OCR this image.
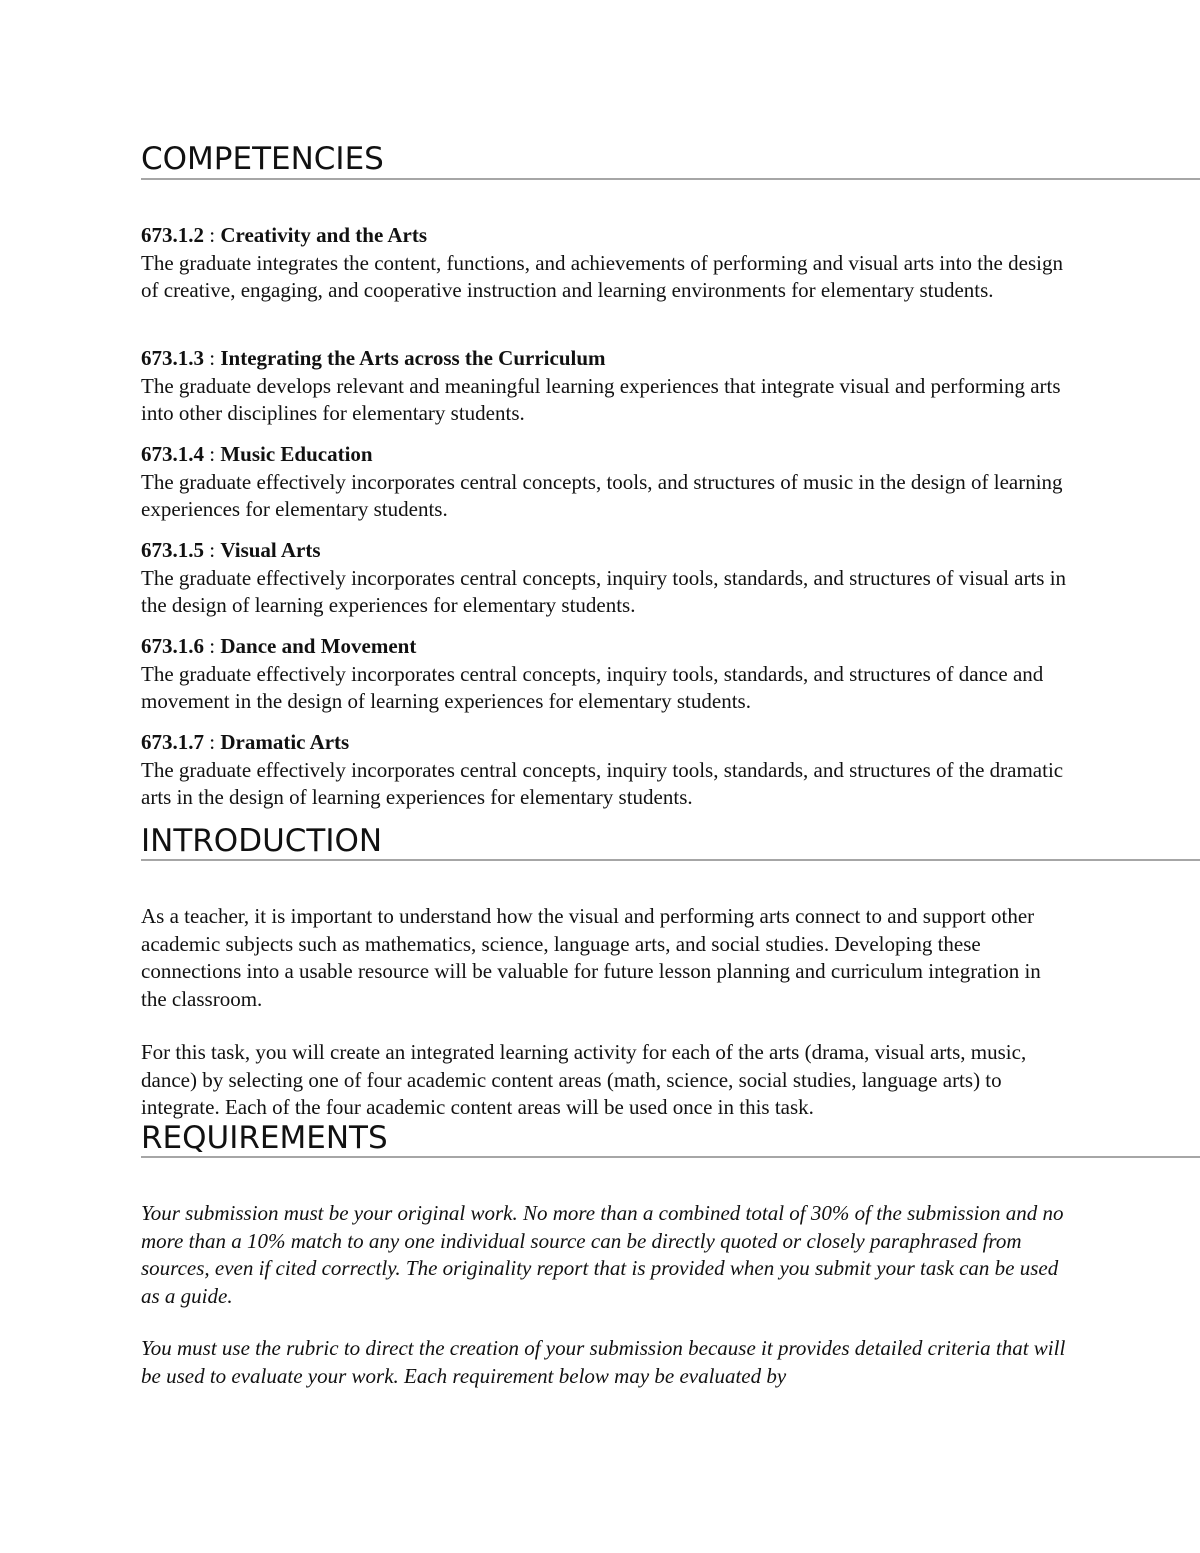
COMPETENCIES
673.1.2 : Creativity and the Arts
The graduate integrates the content, functions, and achievements of performing and visual arts into the design of creative, engaging, and cooperative instruction and learning environments for elementary students.
673.1.3 : Integrating the Arts across the Curriculum
The graduate develops relevant and meaningful learning experiences that integrate visual and performing arts into other disciplines for elementary students.
673.1.4 : Music Education
The graduate effectively incorporates central concepts, tools, and structures of music in the design of learning experiences for elementary students.
673.1.5 : Visual Arts
The graduate effectively incorporates central concepts, inquiry tools, standards, and structures of visual arts in the design of learning experiences for elementary students.
673.1.6 : Dance and Movement
The graduate effectively incorporates central concepts, inquiry tools, standards, and structures of dance and movement in the design of learning experiences for elementary students.
673.1.7 : Dramatic Arts
The graduate effectively incorporates central concepts, inquiry tools, standards, and structures of the dramatic arts in the design of learning experiences for elementary students.
INTRODUCTION

As a teacher, it is important to understand how the visual and performing arts connect to and support other academic subjects such as mathematics, science, language arts, and social studies. Developing these connections into a usable resource will be valuable for future lesson planning and curriculum integration in the classroom.

For this task, you will create an integrated learning activity for each of the arts (drama, visual arts, music, dance) by selecting one of four academic content areas (math, science, social studies, language arts) to integrate. Each of the four academic content areas will be used once in this task.

REQUIREMENTS

Your submission must be your original work. No more than a combined total of 30% of the submission and no more than a 10% match to any one individual source can be directly quoted or closely paraphrased from sources, even if cited correctly. The originality report that is provided when you submit your task can be used as a guide.

You must use the rubric to direct the creation of your submission because it provides detailed criteria that will be used to evaluate your work. Each requirement below may be evaluated by
